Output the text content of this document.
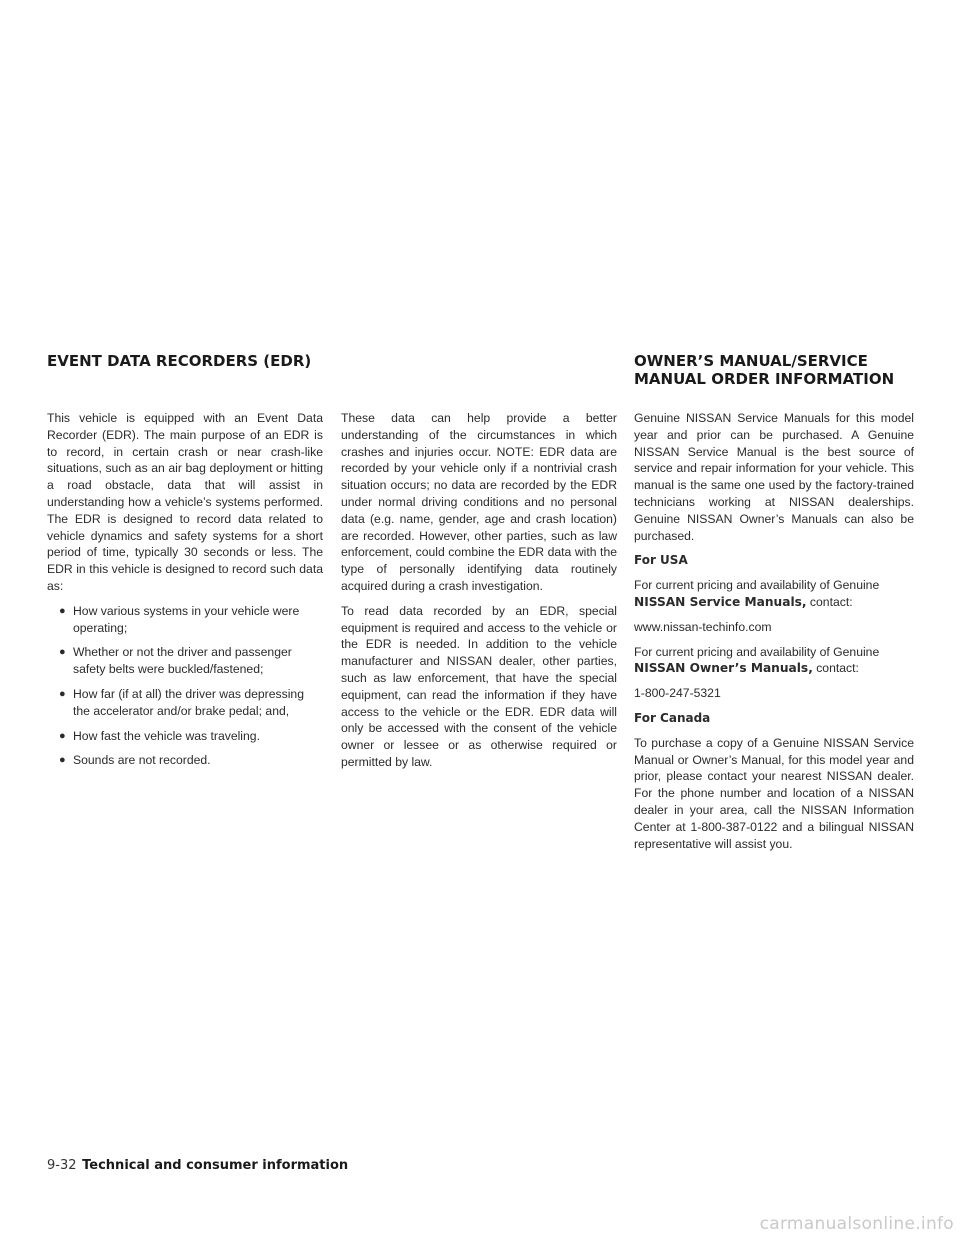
EVENT DATA RECORDERS (EDR)	OWNER’S MANUAL/SERVICE
MANUAL ORDER INFORMATION

This vehicle is equipped with an Event Data Recorder (EDR). The main purpose of an EDR is to record, in certain crash or near crash-like situations, such as an air bag deployment or hitting a road obstacle, data that will assist in understanding how a vehicle’s systems performed. The EDR is designed to record data related to vehicle dynamics and safety systems for a short period of time, typically 30 seconds or less. The EDR in this vehicle is designed to record such data as:

● How various systems in your vehicle were operating;
● Whether or not the driver and passenger safety belts were buckled/fastened;
● How far (if at all) the driver was depressing the accelerator and/or brake pedal; and,
● How fast the vehicle was traveling.
● Sounds are not recorded.

These data can help provide a better understanding of the circumstances in which crashes and injuries occur. NOTE: EDR data are recorded by your vehicle only if a nontrivial crash situation occurs; no data are recorded by the EDR under normal driving conditions and no personal data (e.g. name, gender, age and crash location) are recorded. However, other parties, such as law enforcement, could combine the EDR data with the type of personally identifying data routinely acquired during a crash investigation.

To read data recorded by an EDR, special equipment is required and access to the vehicle or the EDR is needed. In addition to the vehicle manufacturer and NISSAN dealer, other parties, such as law enforcement, that have the special equipment, can read the information if they have access to the vehicle or the EDR. EDR data will only be accessed with the consent of the vehicle owner or lessee or as otherwise required or permitted by law.

Genuine NISSAN Service Manuals for this model year and prior can be purchased. A Genuine NISSAN Service Manual is the best source of service and repair information for your vehicle. This manual is the same one used by the factory-trained technicians working at NISSAN dealerships. Genuine NISSAN Owner’s Manuals can also be purchased.

For USA

For current pricing and availability of Genuine
NISSAN Service Manuals, contact:

www.nissan-techinfo.com

For current pricing and availability of Genuine
NISSAN Owner’s Manuals, contact:

1-800-247-5321

For Canada

To purchase a copy of a Genuine NISSAN Service Manual or Owner’s Manual, for this model year and prior, please contact your nearest NISSAN dealer. For the phone number and location of a NISSAN dealer in your area, call the NISSAN Information Center at 1-800-387-0122 and a bilingual NISSAN representative will assist you.

9-32 Technical and consumer information
carmanualsonline.info
